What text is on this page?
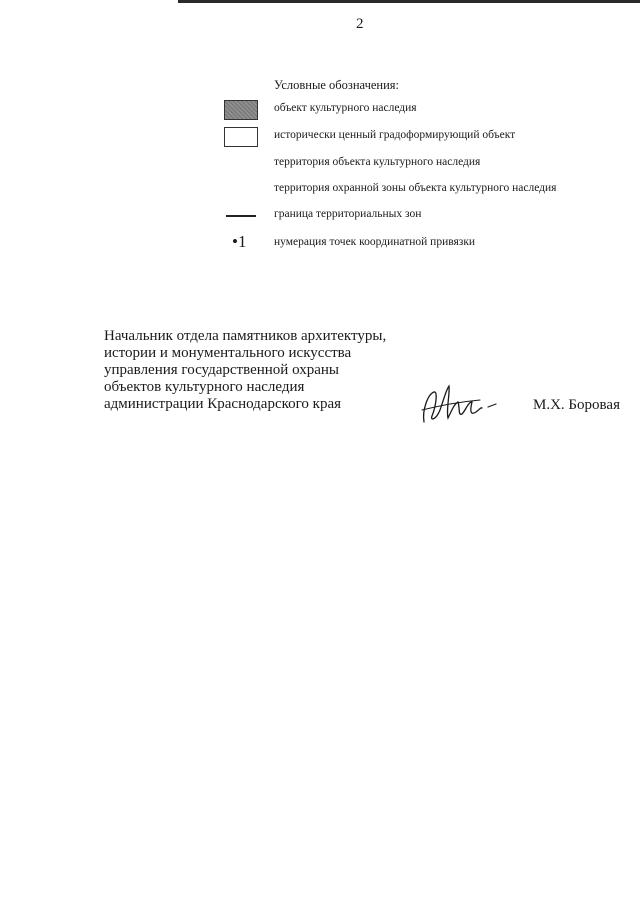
2
Условные обозначения:
объект культурного наследия
исторически ценный градоформирующий объект
территория объекта культурного наследия
территория охранной зоны объекта культурного наследия
граница территориальных зон
•1 нумерация точек координатной привязки
Начальник отдела памятников архитектуры,
истории и монументального искусства
управления государственной охраны
объектов культурного наследия
администрации Краснодарского края	М.Х. Боровая
